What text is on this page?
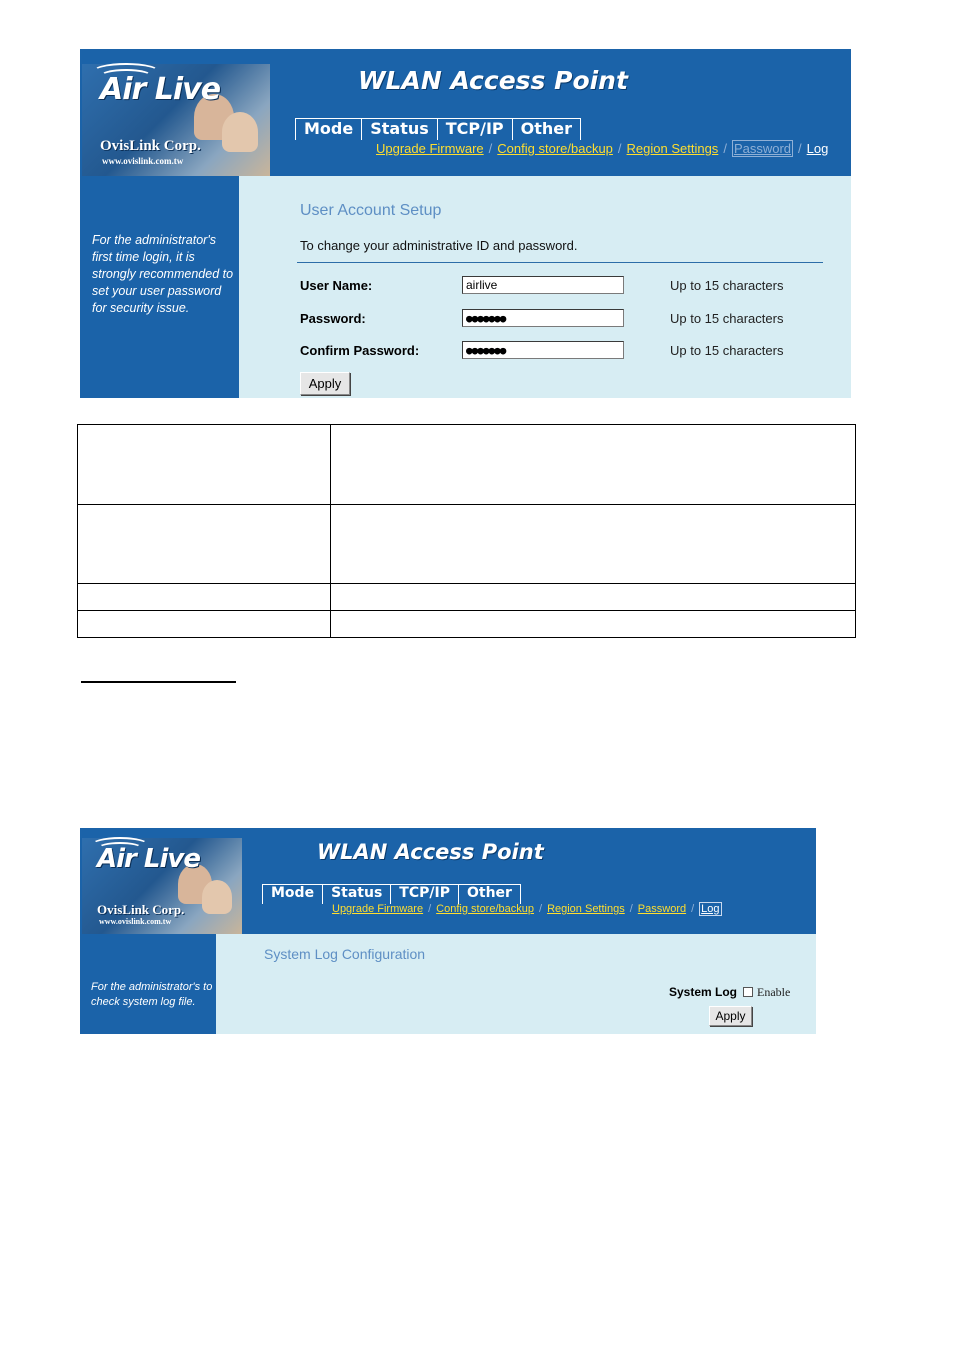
Air Live
OvisLink Corp.
www.ovislink.com.tw
WLAN Access Point
Mode	Status	TCP/IP	Other
Upgrade Firmware / Config store/backup / Region Settings / Password / Log
For the administrator's first time login, it is strongly recommended to set your user password for security issue.
User Account Setup
To change your administrative ID and password.
User Name:
airlive	Up to 15 characters
Password:	●●●●●●●	Up to 15 characters
Confirm Password:	●●●●●●●	Up to 15 characters
Apply

Air Live
OvisLink Corp.
www.ovislink.com.tw
WLAN Access Point
Mode	Status	TCP/IP	Other
Upgrade Firmware / Config store/backup / Region Settings / Password / Log
For the administrator's to check system log file.
System Log Configuration
System Log Enable
Apply
